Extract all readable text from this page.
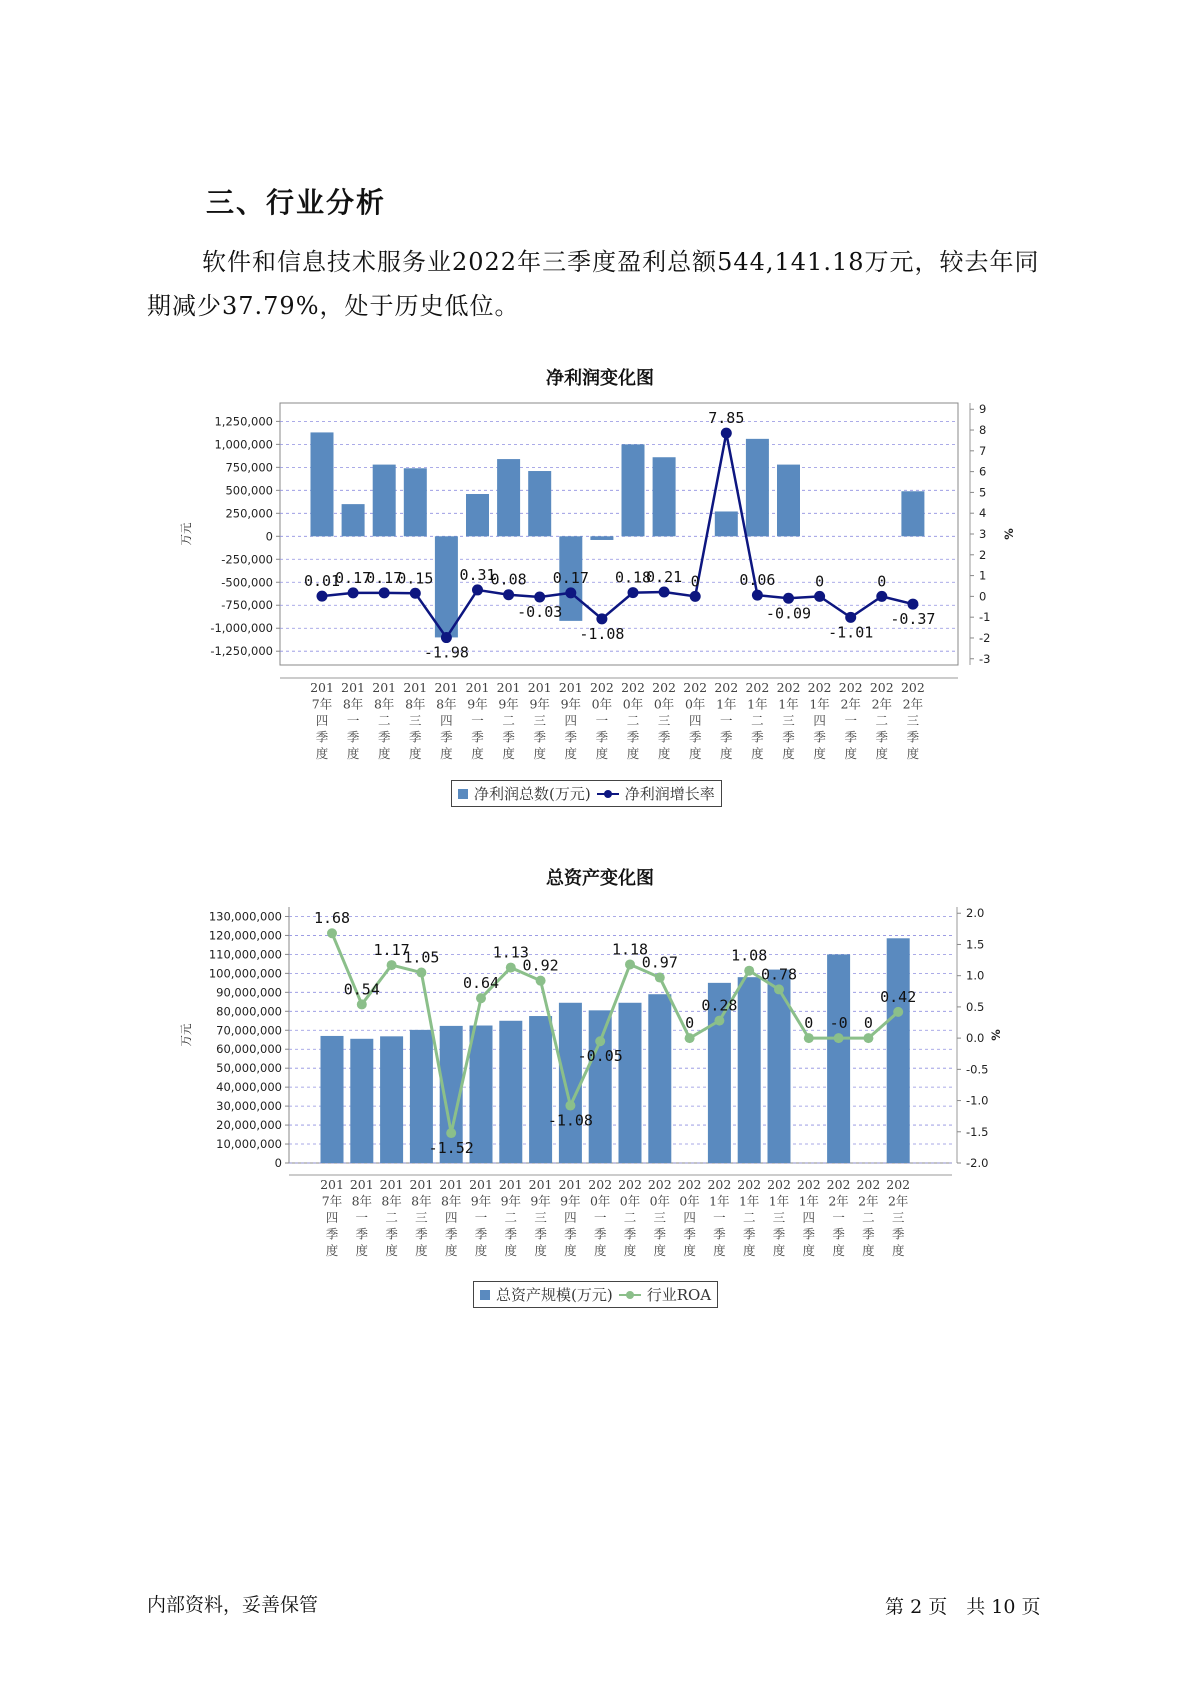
三、行业分析

软件和信息技术服务业2022年三季度盈利总额544,141.18万元，较去年同期减少37.79%，处于历史低位。

净利润变化图
-1,250,000
-1,000,000
-750,000
-500,000
-250,000
0
250,000
500,000
750,000
1,000,000
1,250,000
-3
-2
-1
0
1
2
3
4
5
6
7
8
9
万元	%
0.01
0.17
0.17
0.15
-1.98
0.31
0.08
-0.03
0.17
-1.08
0.18
0.21 0
7.85
0.06
-0.09
0
-1.01
0
-0.37
201 7年四季度
201 8年一季度
201 8年二季度
201 8年三季度
201 8年四季度
201 9年一季度
201 9年二季度
201 9年三季度
201 9年四季度
202 0年一季度
202 0年二季度
202 0年三季度
202 0年四季度
202 1年一季度
202 1年二季度
202 1年三季度
202 1年四季度
202 2年一季度
202 2年二季度
202 2年三季度
净利润总数(万元) 净利润增长率
总资产变化图
0
10,000,000
20,000,000
30,000,000
40,000,000
50,000,000
60,000,000
70,000,000
80,000,000
90,000,000
100,000,000
110,000,000
120,000,000
130,000,000
-2.0
-1.5
-1.0
-0.5
0.0
0.5
1.0
1.5
2.0
万元	%
1.68
0.54
1.17
1.05
-1.52
0.64
1.13
0.92
-1.08
-0.05
1.18
0.97
0
0.28
1.08
0.78
0 -0 0
0.42
201 7年四季度
201 8年一季度
201 8年二季度
201 8年三季度
201 8年四季度
201 9年一季度
201 9年二季度
201 9年三季度
201 9年四季度
202 0年一季度
202 0年二季度
202 0年三季度
202 0年四季度
202 1年一季度
202 1年二季度
202 1年三季度
202 1年四季度
202 2年一季度
202 2年二季度
202 2年三季度
总资产规模(万元) 行业ROA
内部资料，妥善保管	第 2 页　共 10 页
